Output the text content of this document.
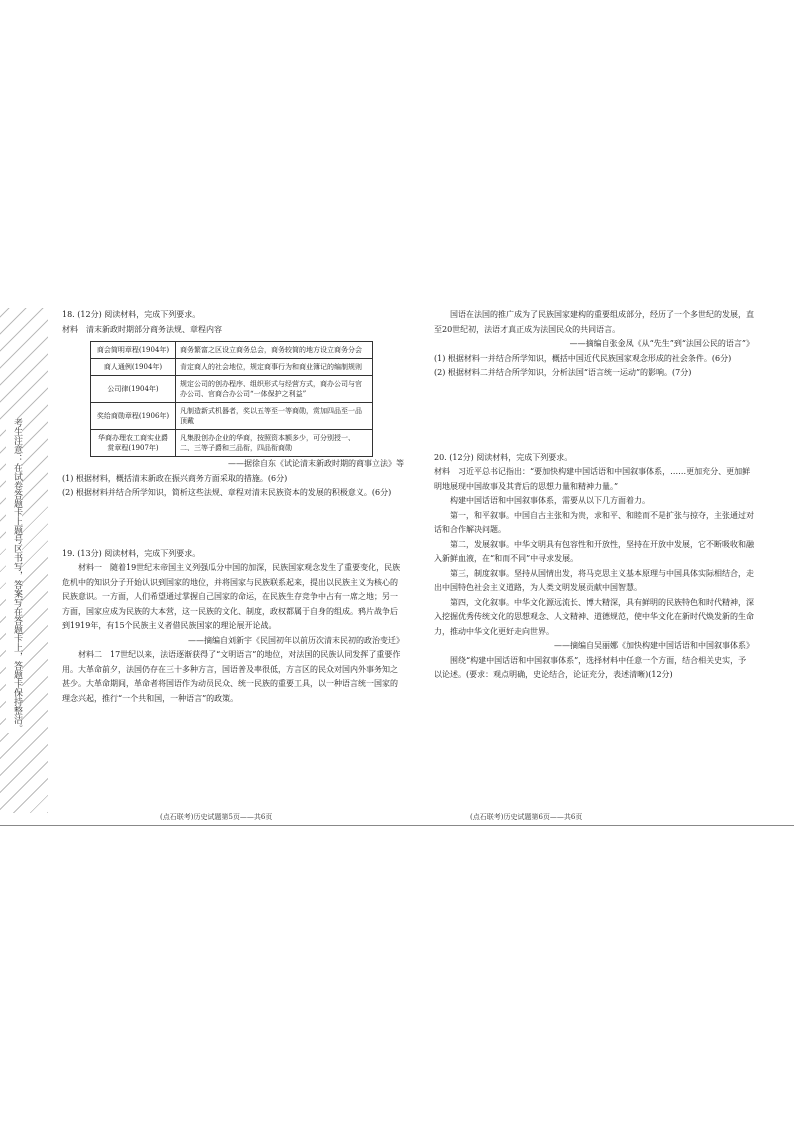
考生注意：在试卷答题卡上题号区书写，答案写在答题卡上，答题卡保持整洁。

18. (12分) 阅读材料，完成下列要求。

材料　清末新政时期部分商务法规、章程内容

商会简明章程(1904年)	商务繁富之区设立商务总会，商务较简的地方设立商务分会
商人通例(1904年)	肯定商人的社会地位，规定商事行为和商业簿记的编制规则
公司律(1904年)	规定公司的创办程序、组织形式与经营方式，商办公司与官办公司、官商合办公司“一体保护之利益”
奖给商勋章程(1906年)	凡制造新式机器者，奖以五等至一等商勋，赏加四品至一品顶戴
华商办理农工商实业爵赏章程(1907年)	凡集股创办企业的华商，按照资本额多少，可分别授一、二、三等子爵和三品衔，四品衔商勋

——据徐自东《试论清末新政时期的商事立法》等

(1) 根据材料，概括清末新政在振兴商务方面采取的措施。(6分)

(2) 根据材料并结合所学知识，简析这些法规、章程对清末民族资本的发展的积极意义。(6分)

19. (13分) 阅读材料，完成下列要求。

材料一　随着19世纪末帝国主义列强瓜分中国的加深，民族国家观念发生了重要变化，民族危机中的知识分子开始认识到国家的地位，并将国家与民族联系起来，提出以民族主义为核心的民族意识。一方面，人们希望通过掌握自己国家的命运，在民族生存竞争中占有一席之地；另一方面，国家应成为民族的大本营，这一民族的文化、制度，政权都属于自身的组成。鸦片战争后到1919年，有15个民族主义者借民族国家的理论展开论战。

——摘编自刘新宇《民国初年以前历次清末民初的政治变迁》

材料二　17世纪以来，法语逐渐获得了“文明语言”的地位，对法国的民族认同发挥了重要作用。大革命前夕，法国仍存在三十多种方言，国语普及率很低，方言区的民众对国内外事务知之甚少。大革命期间，革命者将国语作为动员民众、统一民族的重要工具，以一种语言统一国家的理念兴起，推行“一个共和国，一种语言”的政策。

(点石联考)历史试题第5页——共6页

国语在法国的推广成为了民族国家建构的重要组成部分，经历了一个多世纪的发展，直至20世纪初，法语才真正成为法国民众的共同语言。

——摘编自张金凤《从“先生”到“法国公民的语言”》

(1) 根据材料一并结合所学知识，概括中国近代民族国家观念形成的社会条件。(6分)

(2) 根据材料二并结合所学知识，分析法国“语言统一运动”的影响。(7分)

20. (12分) 阅读材料，完成下列要求。

材料　习近平总书记指出：“要加快构建中国话语和中国叙事体系，……更加充分、更加鲜明地展现中国故事及其背后的思想力量和精神力量。”

构建中国话语和中国叙事体系，需要从以下几方面着力。

第一，和平叙事。中国自古主张和为贵，求和平、和睦而不是扩张与掠夺，主张通过对话和合作解决问题。

第二，发展叙事。中华文明具有包容性和开放性，坚持在开放中发展，它不断吸收和融入新鲜血液，在“和而不同”中寻求发展。

第三，制度叙事。坚持从国情出发，将马克思主义基本原理与中国具体实际相结合，走出中国特色社会主义道路，为人类文明发展贡献中国智慧。

第四，文化叙事。中华文化源远流长、博大精深，具有鲜明的民族特色和时代精神，深入挖掘优秀传统文化的思想观念、人文精神、道德规范，使中华文化在新时代焕发新的生命力，推动中华文化更好走向世界。

——摘编自吴丽娜《加快构建中国话语和中国叙事体系》

围绕“构建中国话语和中国叙事体系”，选择材料中任意一个方面，结合相关史实，予以论述。(要求：观点明确，史论结合，论证充分，表述清晰)(12分)

(点石联考)历史试题第6页——共6页
